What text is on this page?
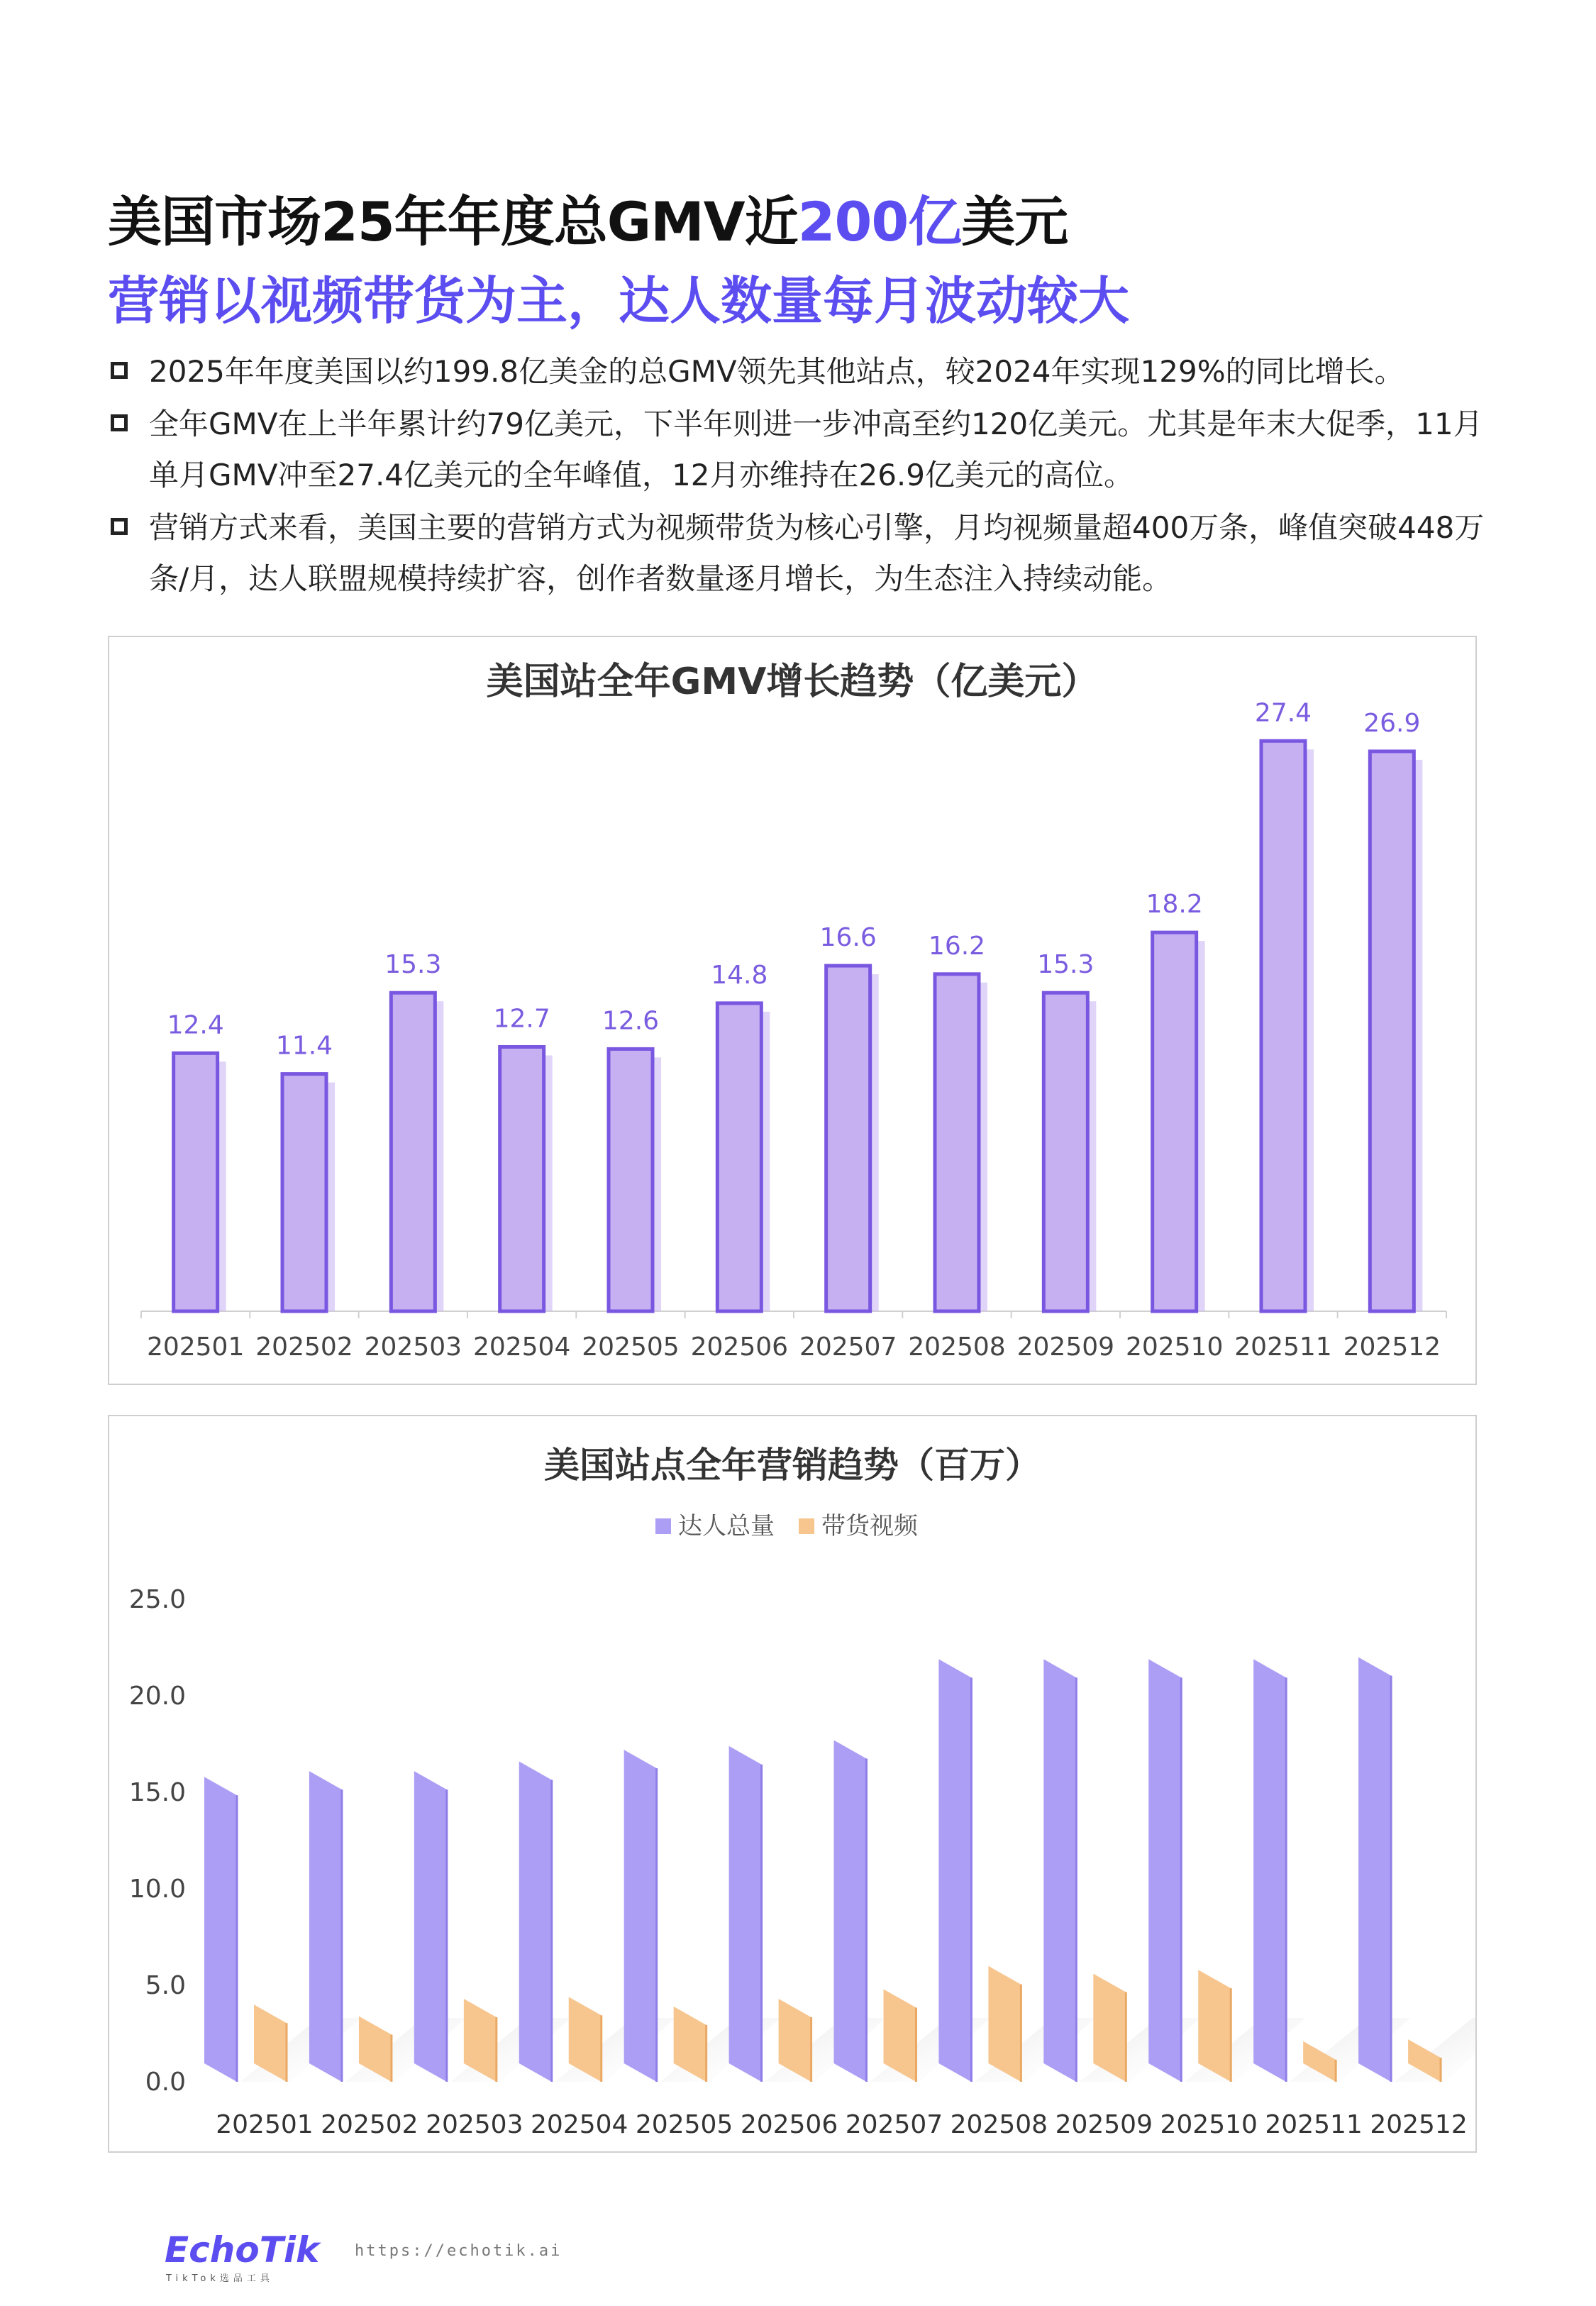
美国市场25年年度总GMV近200亿美元
营销以视频带货为主，达人数量每月波动较大
2025年年度美国以约199.8亿美金的总GMV领先其他站点，较2024年实现129%的同比增长。
全年GMV在上半年累计约79亿美元，下半年则进一步冲高至约120亿美元。尤其是年末大促季，11月单月GMV冲至27.4亿美元的全年峰值，12月亦维持在26.9亿美元的高位。
营销方式来看，美国主要的营销方式为视频带货为核心引擎，月均视频量超400万条，峰值突破448万条/月，达人联盟规模持续扩容，创作者数量逐月增长，为生态注入持续动能。
美国站全年GMV增长趋势（亿美元）
12.4
202501
11.4
202502
15.3
202503
12.7
202504
12.6
202505
14.8
202506
16.6
202507
16.2
202508
15.3
202509
18.2
202510
27.4
202511
26.9
202512
美国站点全年营销趋势（百万）
达人总量 带货视频
0.0
5.0
10.0
15.0
20.0
25.0
202501 202502 202503 202504 202505 202506 202507 202508 202509 202510 202511 202512
EchoTik
TikTok选品工具
https://echotik.ai
